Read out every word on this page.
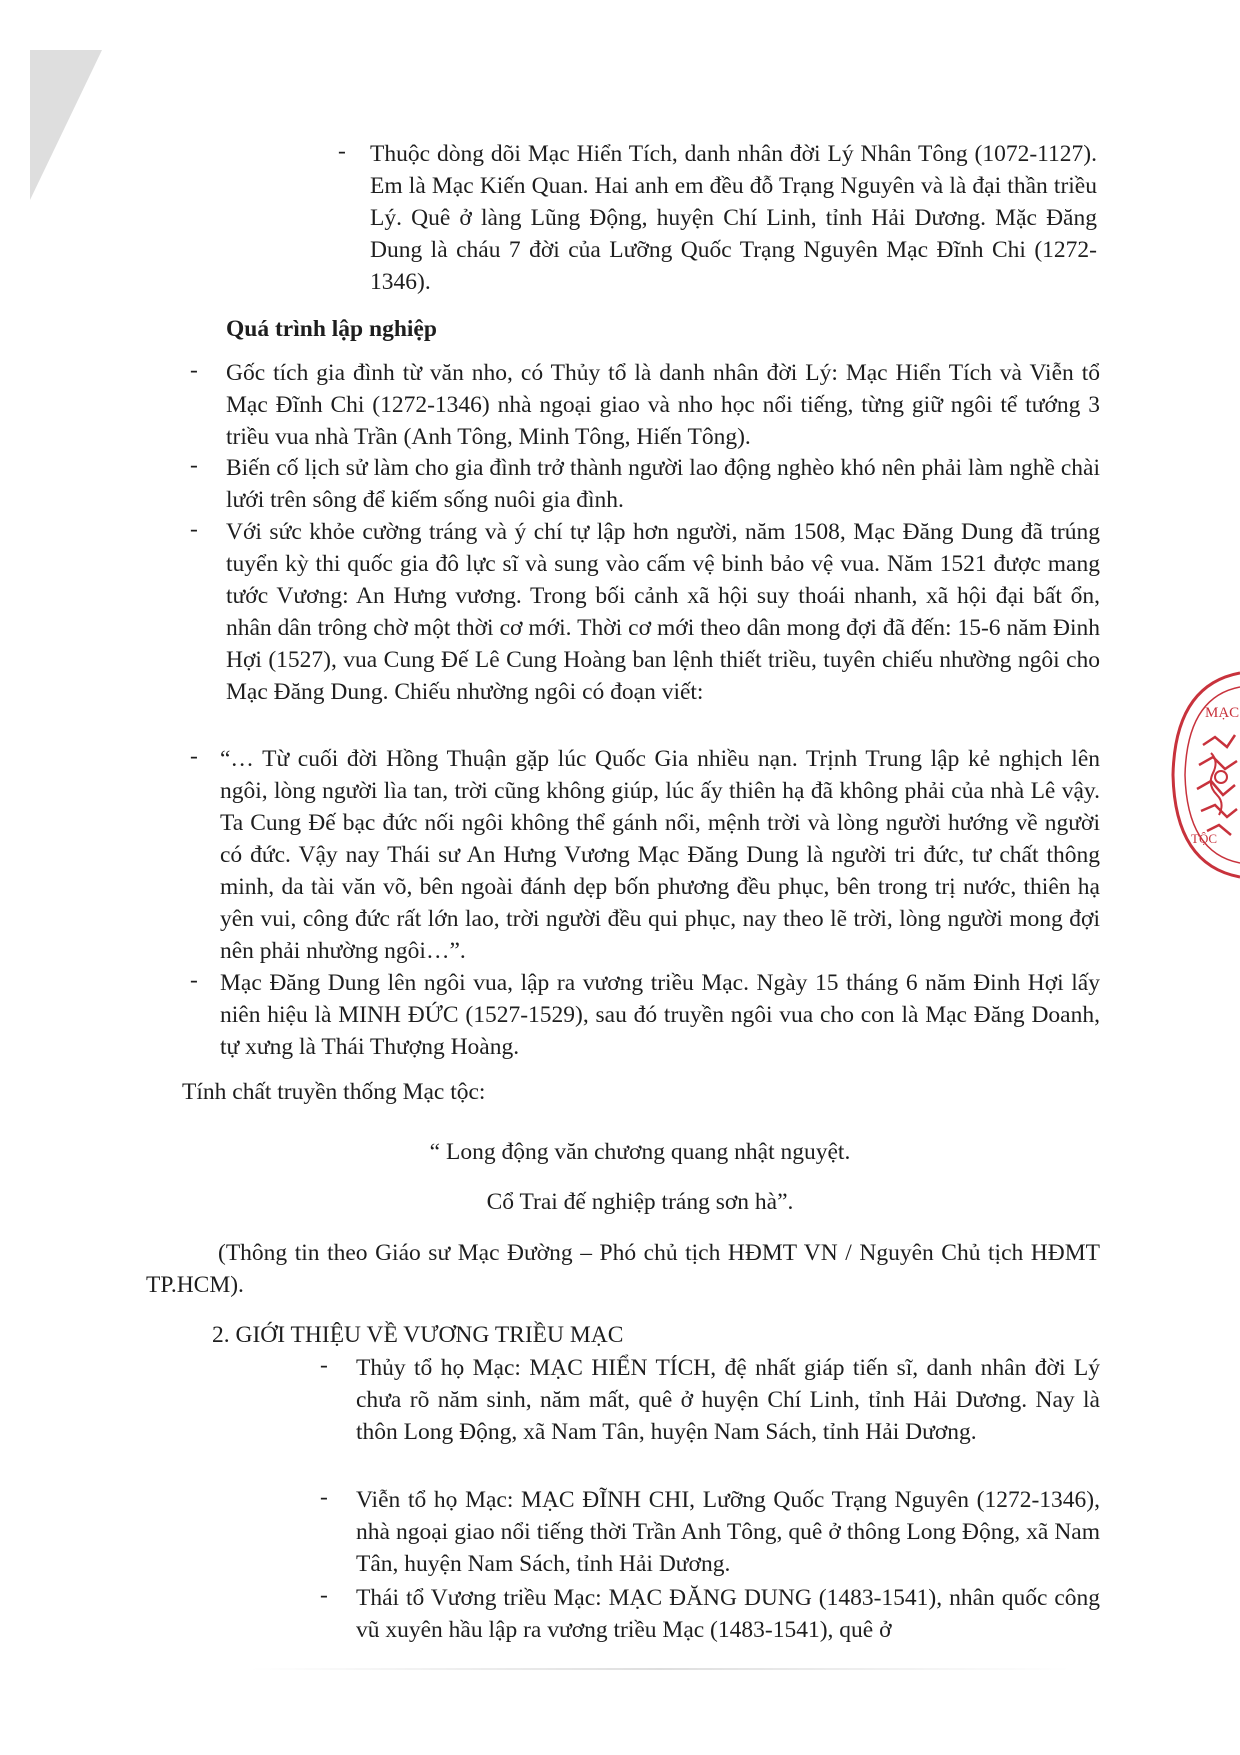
-	Thuộc dòng dõi Mạc Hiển Tích, danh nhân đời Lý Nhân Tông (1072-1127). Em là Mạc Kiến Quan. Hai anh em đều đỗ Trạng Nguyên và là đại thần triều Lý. Quê ở làng Lũng Động, huyện Chí Linh, tỉnh Hải Dương. Mặc Đăng Dung là cháu 7 đời của Lưỡng Quốc Trạng Nguyên Mạc Đĩnh Chi (1272-1346).
Quá trình lập nghiệp
-	Gốc tích gia đình từ văn nho, có Thủy tổ là danh nhân đời Lý: Mạc Hiển Tích và Viễn tổ Mạc Đĩnh Chi (1272-1346) nhà ngoại giao và nho học nổi tiếng, từng giữ ngôi tể tướng 3 triều vua nhà Trần (Anh Tông, Minh Tông, Hiến Tông).
-	Biến cố lịch sử làm cho gia đình trở thành người lao động nghèo khó nên phải làm nghề chài lưới trên sông để kiếm sống nuôi gia đình.
-	Với sức khỏe cường tráng và ý chí tự lập hơn người, năm 1508, Mạc Đăng Dung đã trúng tuyển kỳ thi quốc gia đô lực sĩ và sung vào cấm vệ binh bảo vệ vua. Năm 1521 được mang tước Vương: An Hưng vương. Trong bối cảnh xã hội suy thoái nhanh, xã hội đại bất ổn, nhân dân trông chờ một thời cơ mới. Thời cơ mới theo dân mong đợi đã đến: 15-6 năm Đinh Hợi (1527), vua Cung Đế Lê Cung Hoàng ban lệnh thiết triều, tuyên chiếu nhường ngôi cho Mạc Đăng Dung. Chiếu nhường ngôi có đoạn viết:
- “… Từ cuối đời Hồng Thuận gặp lúc Quốc Gia nhiều nạn. Trịnh Trung lập kẻ nghịch lên ngôi, lòng người lìa tan, trời cũng không giúp, lúc ấy thiên hạ đã không phải của nhà Lê vậy. Ta Cung Đế bạc đức nối ngôi không thể gánh nổi, mệnh trời và lòng người hướng về người có đức. Vậy nay Thái sư An Hưng Vương Mạc Đăng Dung là người tri đức, tư chất thông minh, da tài văn võ, bên ngoài đánh dẹp bốn phương đều phục, bên trong trị nước, thiên hạ yên vui, công đức rất lớn lao, trời người đều qui phục, nay theo lẽ trời, lòng người mong đợi nên phải nhường ngôi…”.
- Mạc Đăng Dung lên ngôi vua, lập ra vương triều Mạc. Ngày 15 tháng 6 năm Đinh Hợi lấy niên hiệu là MINH ĐỨC (1527-1529), sau đó truyền ngôi vua cho con là Mạc Đăng Doanh, tự xưng là Thái Thượng Hoàng.
Tính chất truyền thống Mạc tộc:
“ Long động văn chương quang nhật nguyệt.
Cổ Trai đế nghiệp tráng sơn hà”.
(Thông tin theo Giáo sư Mạc Đường – Phó chủ tịch HĐMT VN / Nguyên Chủ tịch HĐMT TP.HCM).
2. GIỚI THIỆU VỀ VƯƠNG TRIỀU MẠC
-	Thủy tổ họ Mạc: MẠC HIỂN TÍCH, đệ nhất giáp tiến sĩ, danh nhân đời Lý chưa rõ năm sinh, năm mất, quê ở huyện Chí Linh, tỉnh Hải Dương. Nay là thôn Long Động, xã Nam Tân, huyện Nam Sách, tỉnh Hải Dương.
-	Viễn tổ họ Mạc: MẠC ĐĨNH CHI, Lưỡng Quốc Trạng Nguyên (1272-1346), nhà ngoại giao nổi tiếng thời Trần Anh Tông, quê ở thông Long Động, xã Nam Tân, huyện Nam Sách, tỉnh Hải Dương.
-	Thái tổ Vương triều Mạc: MẠC ĐĂNG DUNG (1483-1541), nhân quốc công vũ xuyên hầu lập ra vương triều Mạc (1483-1541), quê ở
MẠC
TỘC
